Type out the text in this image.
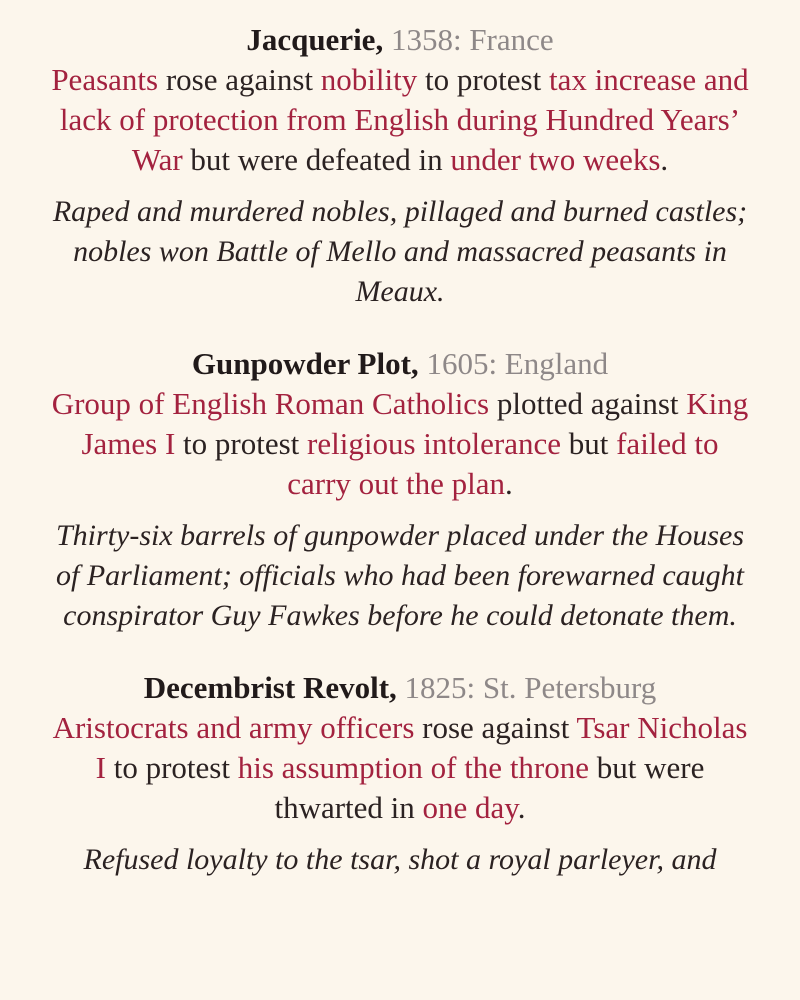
Jacquerie, 1358: France

Peasants rose against nobility to protest tax increase and lack of protection from English during Hundred Years’ War but were defeated in under two weeks.

Raped and murdered nobles, pillaged and burned castles; nobles won Battle of Mello and massacred peasants in Meaux.

Gunpowder Plot, 1605: England

Group of English Roman Catholics plotted against King James I to protest religious intolerance but failed to carry out the plan.

Thirty-six barrels of gunpowder placed under the Houses of Parliament; officials who had been forewarned caught conspirator Guy Fawkes before he could detonate them.

Decembrist Revolt, 1825: St. Petersburg

Aristocrats and army officers rose against Tsar Nicholas I to protest his assumption of the throne but were thwarted in one day.

Refused loyalty to the tsar, shot a royal parleyer, and
